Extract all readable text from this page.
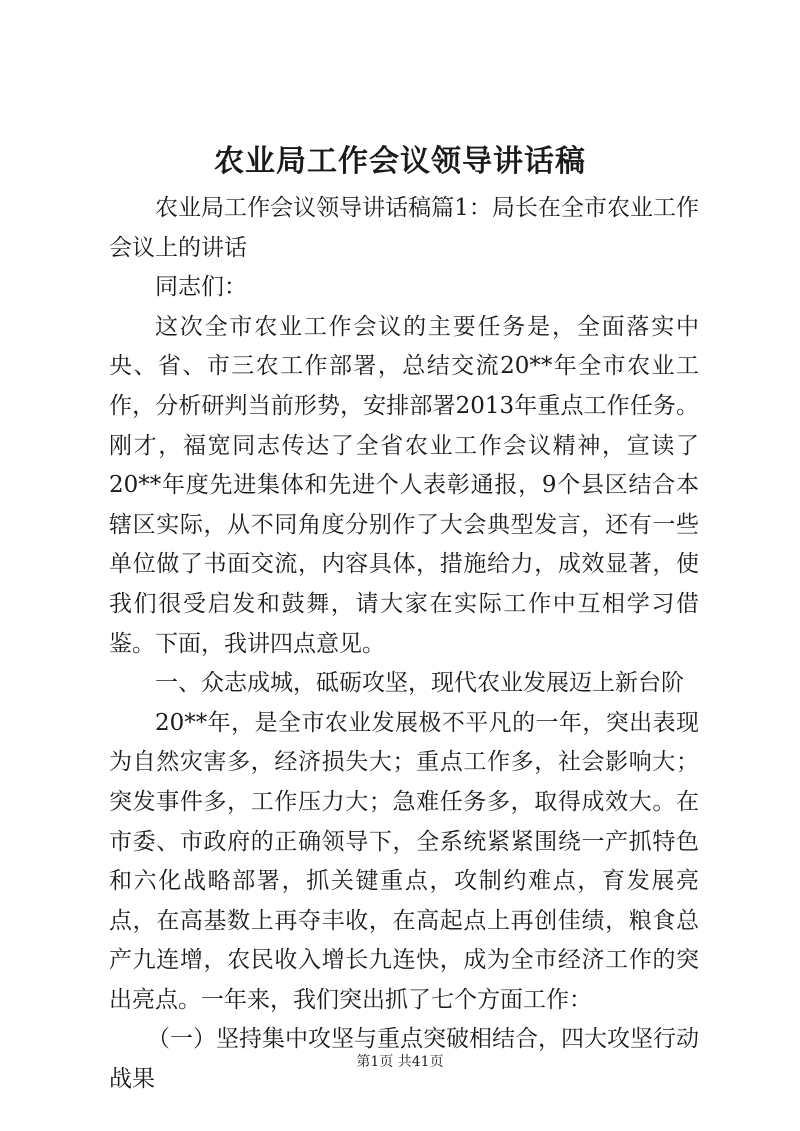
农业局工作会议领导讲话稿

农业局工作会议领导讲话稿篇1：局长在全市农业工作会议上的讲话

同志们：

这次全市农业工作会议的主要任务是，全面落实中央、省、市三农工作部署，总结交流20**年全市农业工作，分析研判当前形势，安排部署2013年重点工作任务。刚才，福宽同志传达了全省农业工作会议精神，宣读了20**年度先进集体和先进个人表彰通报，9个县区结合本辖区实际，从不同角度分别作了大会典型发言，还有一些单位做了书面交流，内容具体，措施给力，成效显著，使我们很受启发和鼓舞，请大家在实际工作中互相学习借鉴。下面，我讲四点意见。

一、众志成城，砥砺攻坚，现代农业发展迈上新台阶

20**年，是全市农业发展极不平凡的一年，突出表现为自然灾害多，经济损失大；重点工作多，社会影响大；突发事件多，工作压力大；急难任务多，取得成效大。在市委、市政府的正确领导下，全系统紧紧围绕一产抓特色和六化战略部署，抓关键重点，攻制约难点，育发展亮点，在高基数上再夺丰收，在高起点上再创佳绩，粮食总产九连增，农民收入增长九连快，成为全市经济工作的突出亮点。一年来，我们突出抓了七个方面工作：

（一）坚持集中攻坚与重点突破相结合，四大攻坚行动战果

第1页 共41页
